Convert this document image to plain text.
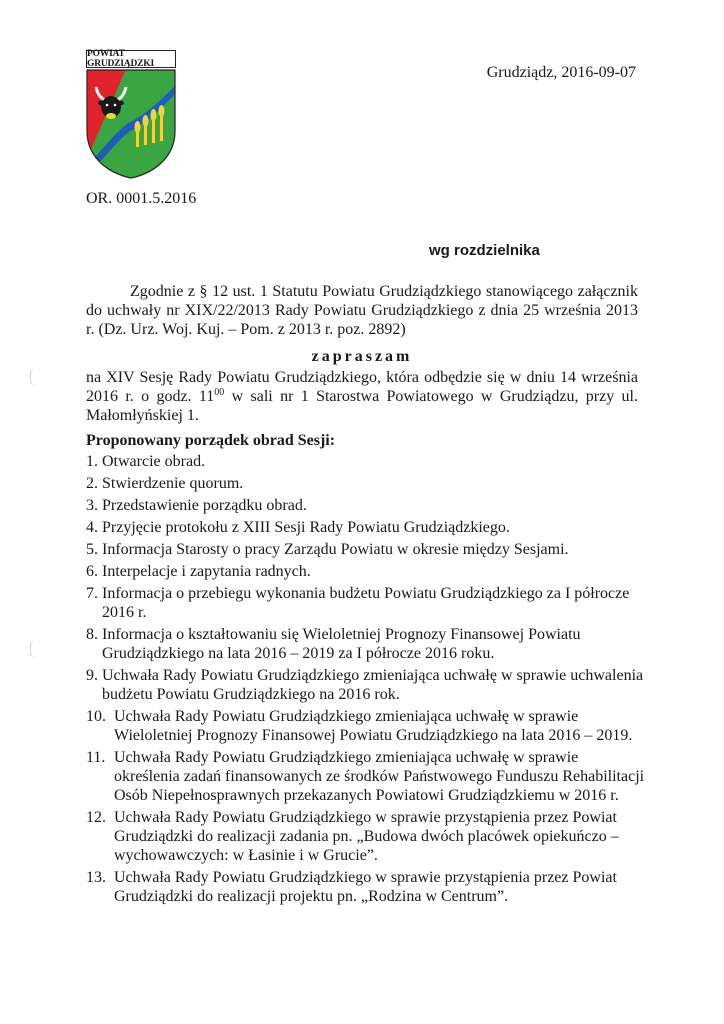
POWIAT GRUDZIĄDZKI	Grudziądz, 2016-09-07
OR. 0001.5.2016
wg rozdzielnika
Zgodnie z § 12 ust. 1 Statutu Powiatu Grudziądzkiego stanowiącego załącznik do uchwały nr XIX/22/2013 Rady Powiatu Grudziądzkiego z dnia 25 września 2013 r. (Dz. Urz. Woj. Kuj. – Pom. z 2013 r. poz. 2892)
zapraszam
na XIV Sesję Rady Powiatu Grudziądzkiego, która odbędzie się w dniu 14 września 2016 r. o godz. $11^{00}$ w sali nr 1 Starostwa Powiatowego w Grudziądzu, przy ul. Małomłyńskiej 1.
Proponowany porządek obrad Sesji:
1. Otwarcie obrad.
2. Stwierdzenie quorum.
3. Przedstawienie porządku obrad.
4. Przyjęcie protokołu z XIII Sesji Rady Powiatu Grudziądzkiego.
5. Informacja Starosty o pracy Zarządu Powiatu w okresie między Sesjami.
6. Interpelacje i zapytania radnych.
7. Informacja o przebiegu wykonania budżetu Powiatu Grudziądzkiego za I półrocze 2016 r.
8. Informacja o kształtowaniu się Wieloletniej Prognozy Finansowej Powiatu Grudziądzkiego na lata 2016 – 2019 za I półrocze 2016 roku.
9. Uchwała Rady Powiatu Grudziądzkiego zmieniająca uchwałę w sprawie uchwalenia budżetu Powiatu Grudziądzkiego na 2016 rok.
10. Uchwała Rady Powiatu Grudziądzkiego zmieniająca uchwałę w sprawie Wieloletniej Prognozy Finansowej Powiatu Grudziądzkiego na lata 2016 – 2019.
11. Uchwała Rady Powiatu Grudziądzkiego zmieniająca uchwałę w sprawie określenia zadań finansowanych ze środków Państwowego Funduszu Rehabilitacji Osób Niepełnosprawnych przekazanych Powiatowi Grudziądzkiemu w 2016 r.
12. Uchwała Rady Powiatu Grudziądzkiego w sprawie przystąpienia przez Powiat Grudziądzki do realizacji zadania pn. „Budowa dwóch placówek opiekuńczo – wychowawczych: w Łasinie i w Grucie”.
13. Uchwała Rady Powiatu Grudziądzkiego w sprawie przystąpienia przez Powiat Grudziądzki do realizacji projektu pn. „Rodzina w Centrum”.
